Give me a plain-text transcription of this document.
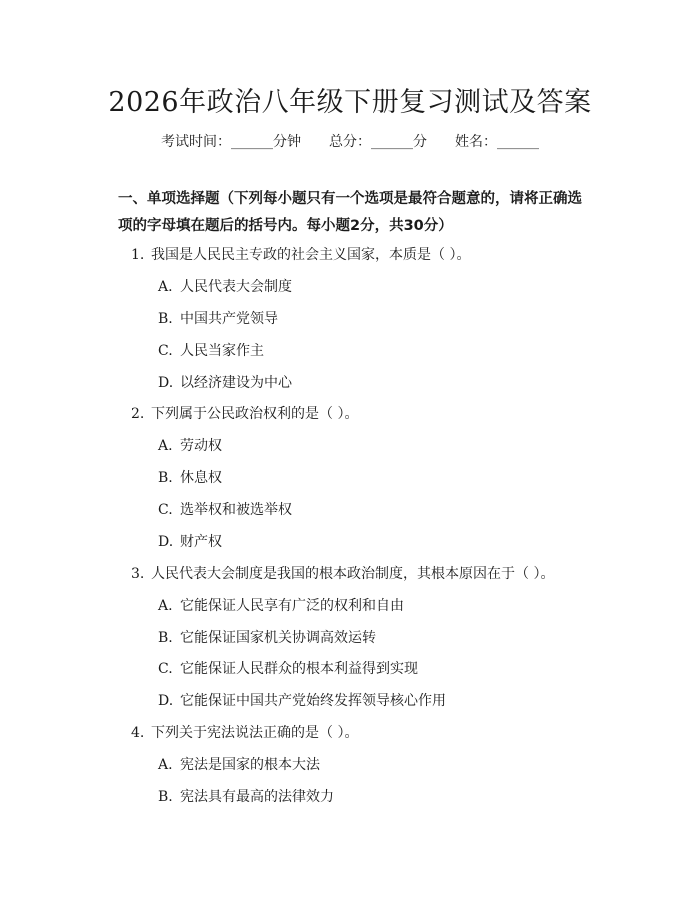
2026年政治八年级下册复习测试及答案
考试时间：______分钟 总分：______分 姓名：______
一、单项选择题（下列每小题只有一个选项是最符合题意的，请将正确选项的字母填在题后的括号内。每小题2分，共30分）
1. 我国是人民民主专政的社会主义国家，本质是（ ）。
A. 人民代表大会制度
B. 中国共产党领导
C. 人民当家作主
D. 以经济建设为中心
2. 下列属于公民政治权利的是（ ）。
A. 劳动权
B. 休息权
C. 选举权和被选举权
D. 财产权
3. 人民代表大会制度是我国的根本政治制度，其根本原因在于（ ）。
A. 它能保证人民享有广泛的权利和自由
B. 它能保证国家机关协调高效运转
C. 它能保证人民群众的根本利益得到实现
D. 它能保证中国共产党始终发挥领导核心作用
4. 下列关于宪法说法正确的是（ ）。
A. 宪法是国家的根本大法
B. 宪法具有最高的法律效力
